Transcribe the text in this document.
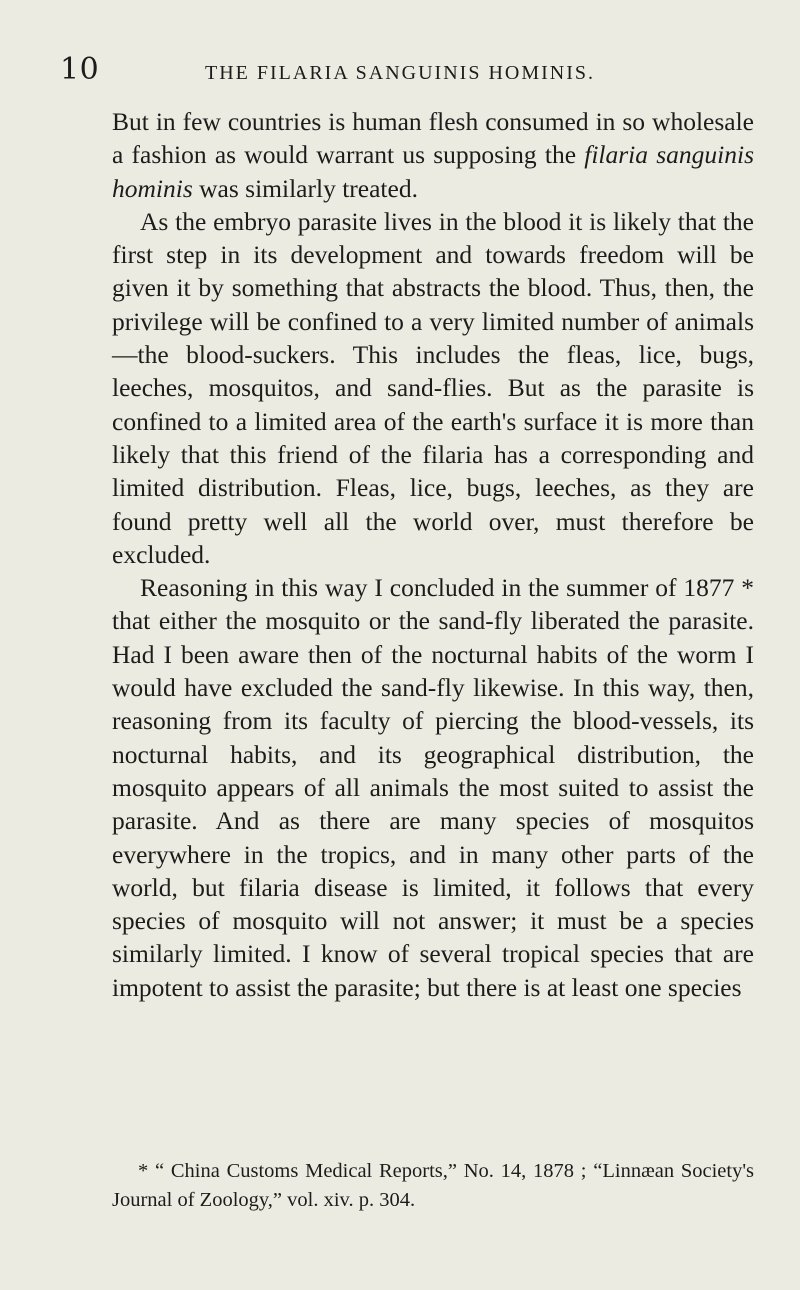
10	THE FILARIA SANGUINIS HOMINIS.

But in few countries is human flesh consumed in so wholesale a fashion as would warrant us supposing the filaria sanguinis hominis was similarly treated.

As the embryo parasite lives in the blood it is likely that the first step in its development and towards freedom will be given it by something that abstracts the blood. Thus, then, the privilege will be confined to a very limited number of animals—the blood-suckers. This includes the fleas, lice, bugs, leeches, mosquitos, and sand-flies. But as the parasite is confined to a limited area of the earth's surface it is more than likely that this friend of the filaria has a corresponding and limited distribution. Fleas, lice, bugs, leeches, as they are found pretty well all the world over, must therefore be excluded.

Reasoning in this way I concluded in the summer of 1877 * that either the mosquito or the sand-fly liberated the parasite. Had I been aware then of the nocturnal habits of the worm I would have excluded the sand-fly likewise. In this way, then, reasoning from its faculty of piercing the blood-vessels, its nocturnal habits, and its geographical distribution, the mosquito appears of all animals the most suited to assist the parasite. And as there are many species of mosquitos everywhere in the tropics, and in many other parts of the world, but filaria disease is limited, it follows that every species of mosquito will not answer; it must be a species similarly limited. I know of several tropical species that are impotent to assist the parasite; but there is at least one species

* “ China Customs Medical Reports,” No. 14, 1878 ; “Linnæan Society's Journal of Zoology,” vol. xiv. p. 304.
